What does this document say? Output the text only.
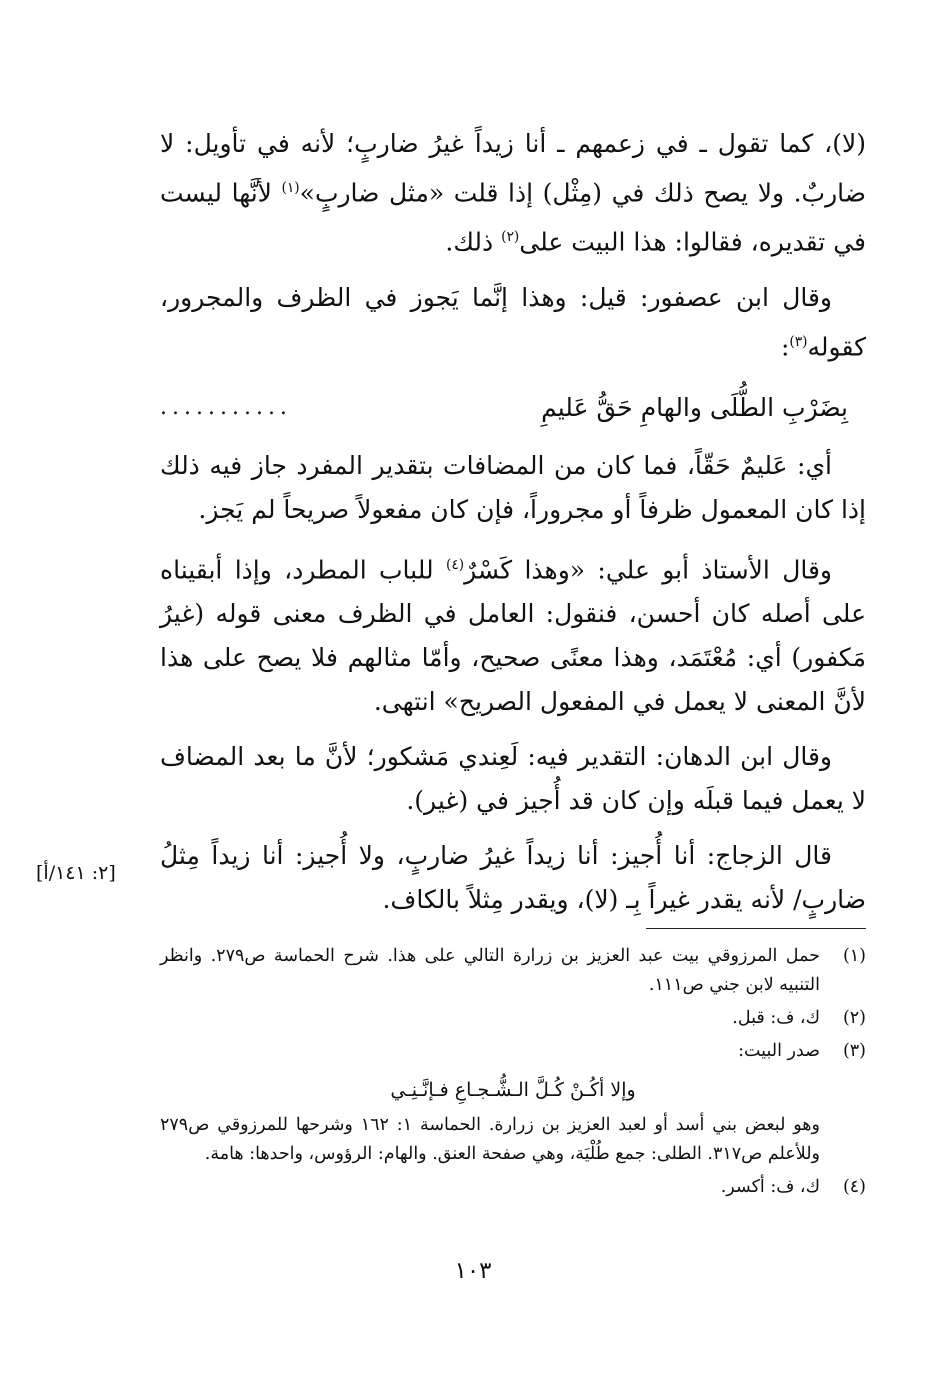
(لا)، كما تقول ـ في زعمهم ـ أنا زيداً غيرُ ضاربٍ؛ لأنه في تأويل: لا ضاربٌ. ولا يصح ذلك في (مِثْل) إذا قلت «مثل ضاربٍ»$^{(١)}$ لأنَّها ليست في تقديره، فقالوا: هذا البيت على$^{(٢)}$ ذلك.

وقال ابن عصفور: قيل: وهذا إنَّما يَجوز في الظرف والمجرور، كقوله$^{(٣)}$:

بِضَرْبِ الطُّلَى والهامِ حَقُّ عَليمِ
...........

أي: عَليمٌ حَقّاً، فما كان من المضافات بتقدير المفرد جاز فيه ذلك إذا كان المعمول ظرفاً أو مجروراً، فإن كان مفعولاً صريحاً لم يَجز.

وقال الأستاذ أبو علي: «وهذا كَسْرٌ$^{(٤)}$ للباب المطرد، وإذا أبقيناه على أصله كان أحسن، فنقول: العامل في الظرف معنى قوله (غيرُ مَكفور) أي: مُعْتَمَد، وهذا معنًى صحيح، وأمّا مثالهم فلا يصح على هذا لأنَّ المعنى لا يعمل في المفعول الصريح» انتهى.

وقال ابن الدهان: التقدير فيه: لَعِندي مَشكور؛ لأنَّ ما بعد المضاف لا يعمل فيما قبلَه وإن كان قد أُجيز في (غير).

قال الزجاج: أنا أُجيز: أنا زيداً غيرُ ضاربٍ، ولا أُجيز: أنا زيداً مِثلُ ضاربٍ/ لأنه يقدر غيراً بِـ (لا)، ويقدر مِثلاً بالكاف.

[٢: ١٤١/أ]
(١)
حمل المرزوقي بيت عبد العزيز بن زرارة التالي على هذا. شرح الحماسة ص٢٧٩. وانظر التنبيه لابن جني ص١١١.
(٢)
ك، ف: قبل.
(٣)
صدر البيت:
وإلا أكُـنْ كُـلَّ الـشُّـجـاعِ فـإنَّـنِـي
وهو لبعض بني أسد أو لعبد العزيز بن زرارة. الحماسة ١: ١٦٢ وشرحها للمرزوقي ص٢٧٩ وللأعلم ص٣١٧. الطلى: جمع طُلْيَة، وهي صفحة العنق. والهام: الرؤوس، واحدها: هامة.
(٤)
ك، ف: أكسر.
١٠٣
